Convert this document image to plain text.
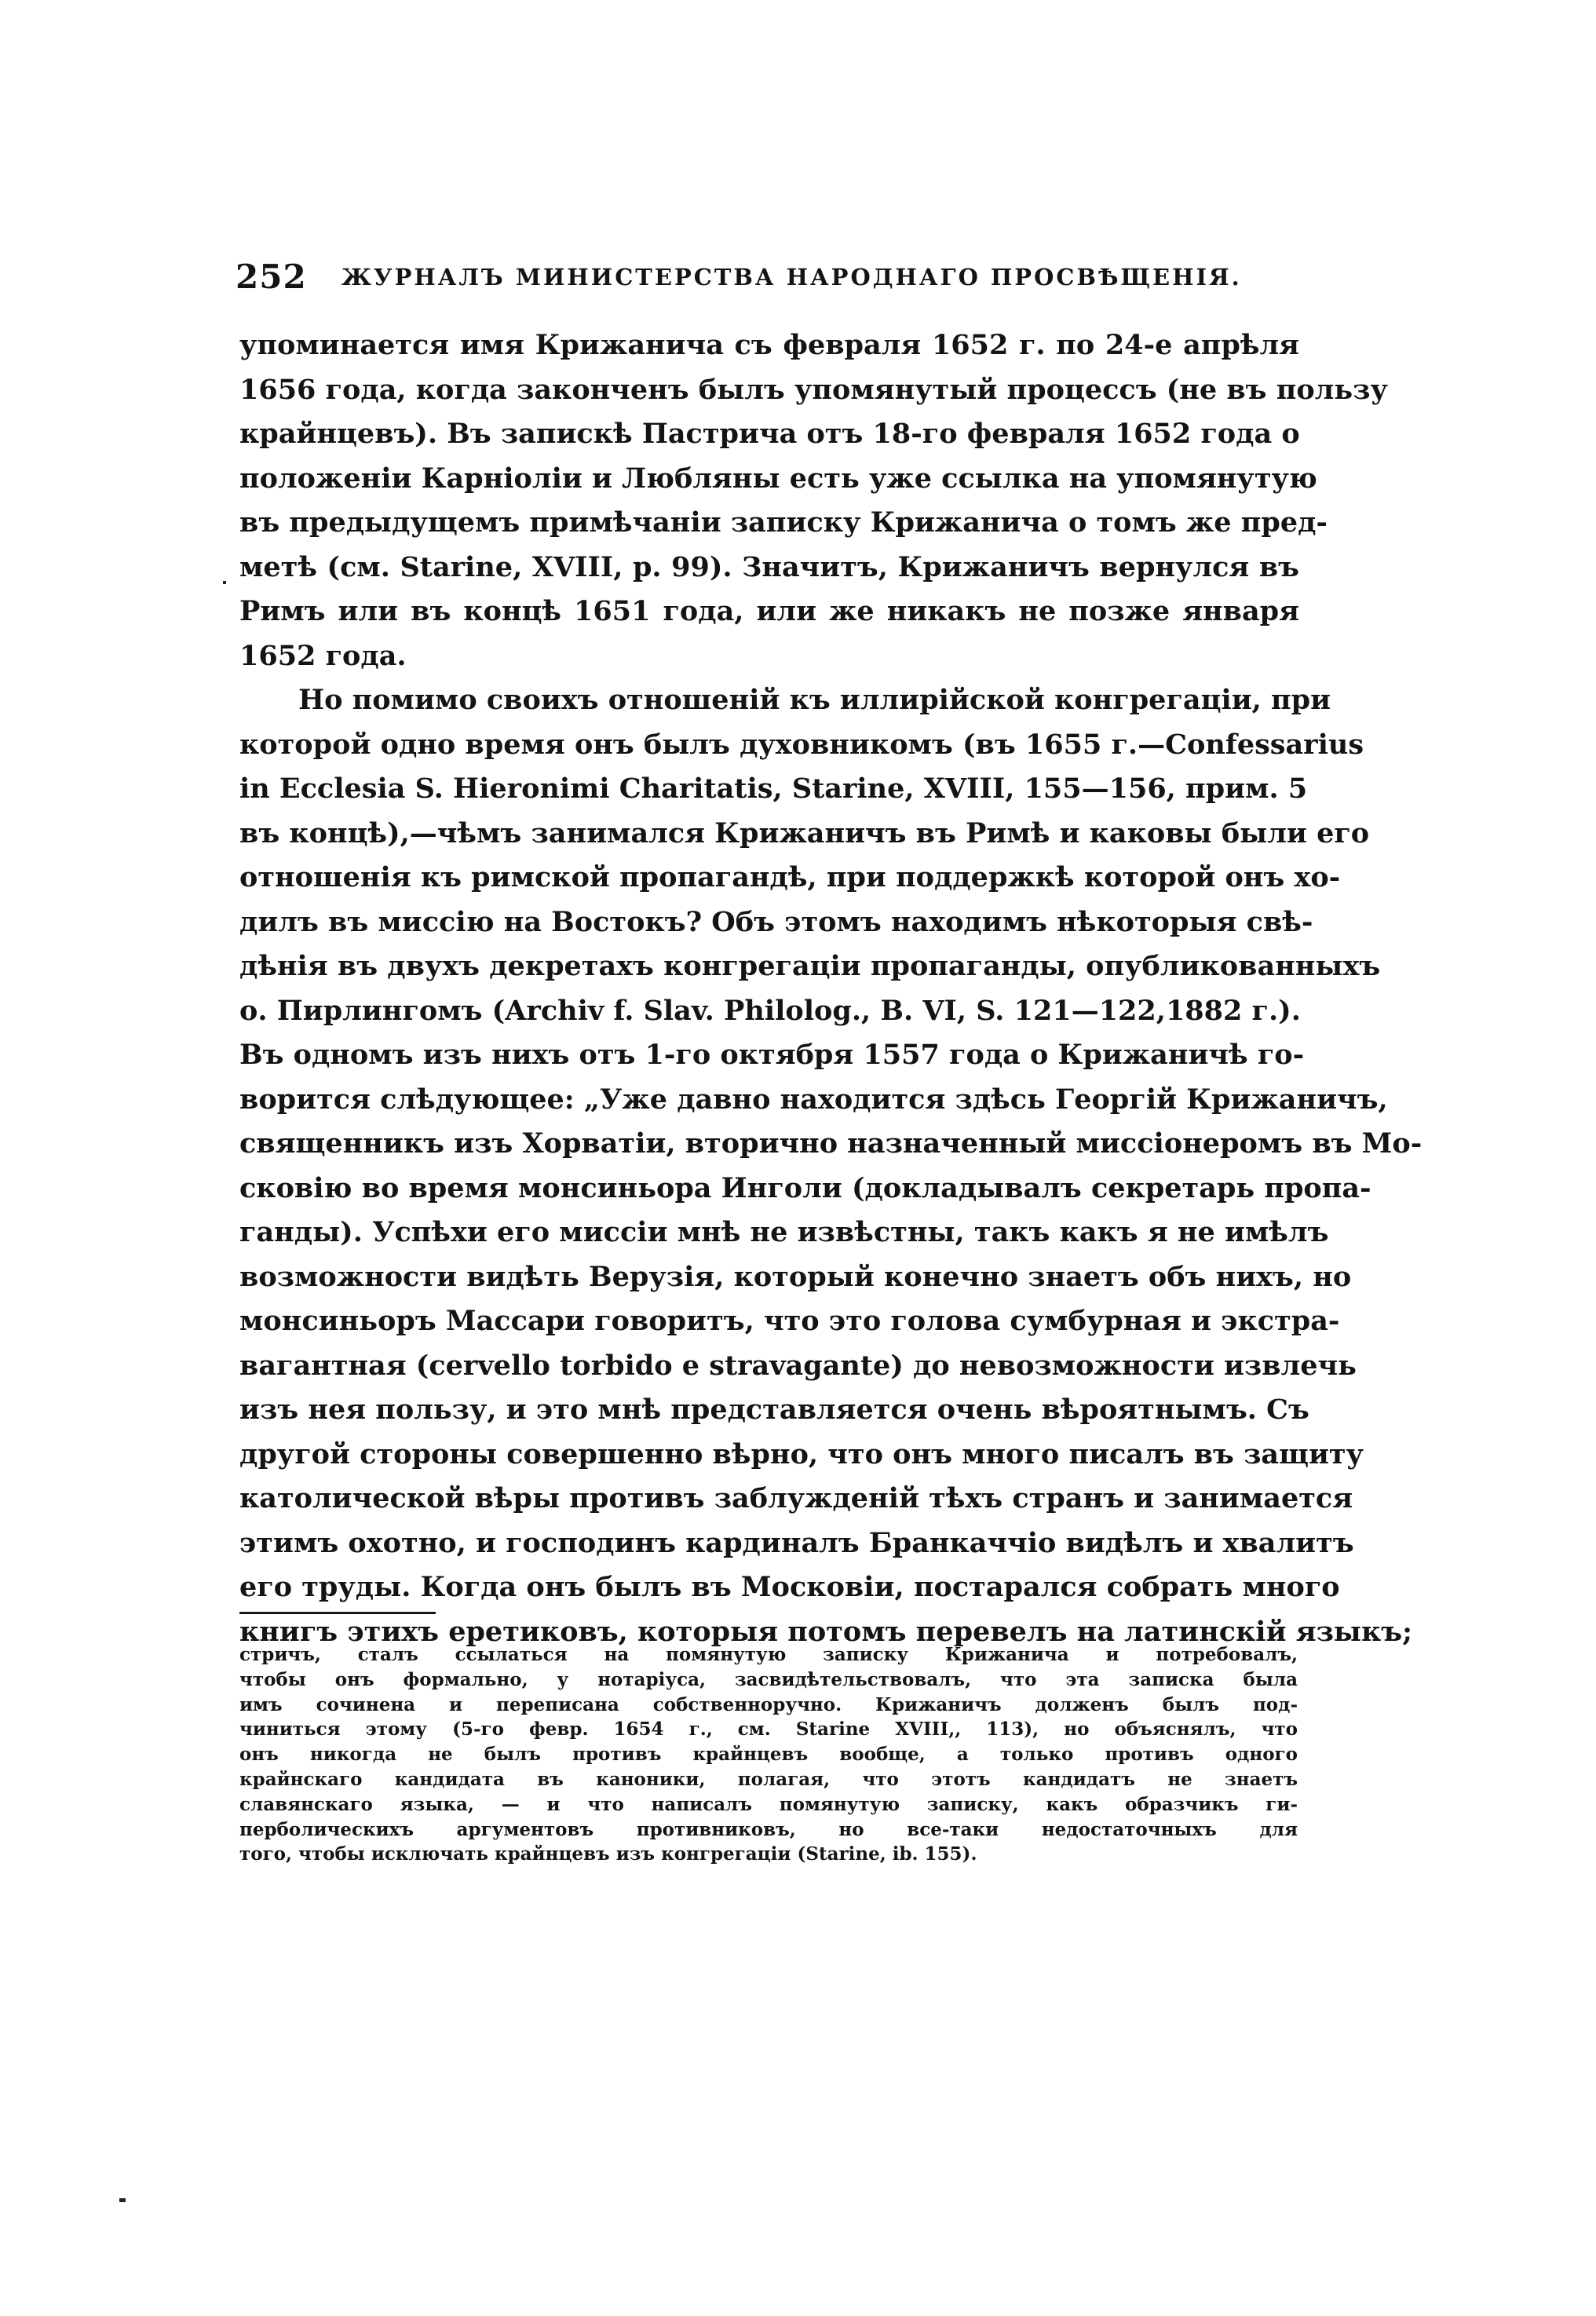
252 ЖУРНАЛЪ МИНИСТЕРСТВА НАРОДНАГО ПРОСВѢЩЕНІЯ.
упоминается имя Крижанича съ февраля 1652 г. по 24-е апрѣля
1656 года, когда законченъ былъ упомянутый процессъ (не въ пользу
крайнцевъ). Въ запискѣ Пастрича отъ 18-го февраля 1652 года о
положеніи Карніоліи и Любляны есть уже ссылка на упомянутую
въ предыдущемъ примѣчаніи записку Крижанича о томъ же пред-
метѣ (см. Starine, XVIII, р. 99). Значитъ, Крижаничъ вернулся въ
Римъ или въ концѣ 1651 года, или же никакъ не позже января
1652 года.
Но помимо своихъ отношеній къ иллирійской конгрегаціи, при
которой одно время онъ былъ духовникомъ (въ 1655 г.—Confessarius
in Ecclesia S. Hieronimi Charitatis, Starine, XVIII, 155—156, прим. 5
въ концѣ),—чѣмъ занимался Крижаничъ въ Римѣ и каковы были его
отношенія къ римской пропагандѣ, при поддержкѣ которой онъ хо-
дилъ въ миссію на Востокъ? Объ этомъ находимъ нѣкоторыя свѣ-
дѣнія въ двухъ декретахъ конгрегаціи пропаганды, опубликованныхъ
о. Пирлингомъ (Archiv f. Slav. Philolog., B. VI, S. 121—122,1882 г.).
Въ одномъ изъ нихъ отъ 1-го октября 1557 года о Крижаничѣ го-
ворится слѣдующее: „Уже давно находится здѣсь Георгій Крижаничъ,
священникъ изъ Хорватіи, вторично назначенный миссіонеромъ въ Мо-
сковію во время монсиньора Инголи (докладывалъ секретарь пропа-
ганды). Успѣхи его миссіи мнѣ не извѣстны, такъ какъ я не имѣлъ
возможности видѣть Верузія, который конечно знаетъ объ нихъ, но
монсиньоръ Массари говоритъ, что это голова сумбурная и экстра-
вагантная (cervello torbido e stravagante) до невозможности извлечь
изъ нея пользу, и это мнѣ представляется очень вѣроятнымъ. Съ
другой стороны совершенно вѣрно, что онъ много писалъ въ защиту
католической вѣры противъ заблужденій тѣхъ странъ и занимается
этимъ охотно, и господинъ кардиналъ Бранкаччіо видѣлъ и хвалитъ
его труды. Когда онъ былъ въ Московіи, постарался собрать много
книгъ этихъ еретиковъ, которыя потомъ перевелъ на латинскій языкъ;
стричъ, сталъ ссылаться на помянутую записку Крижанича и потребовалъ,
чтобы онъ формально, у нотаріуса, засвидѣтельствовалъ, что эта записка была
имъ сочинена и переписана собственноручно. Крижаничъ долженъ былъ под-
чиниться этому (5-го февр. 1654 г., см. Starine XVIII,, 113), но объяснялъ, что
онъ никогда не былъ противъ крайнцевъ вообще, а только противъ одного
крайнскаго кандидата въ каноники, полагая, что этотъ кандидатъ не знаетъ
славянскаго языка, — и что написалъ помянутую записку, какъ образчикъ ги-
перболическихъ аргументовъ противниковъ, но все-таки недостаточныхъ для
того, чтобы исключать крайнцевъ изъ конгрегаціи (Starine, ib. 155).
